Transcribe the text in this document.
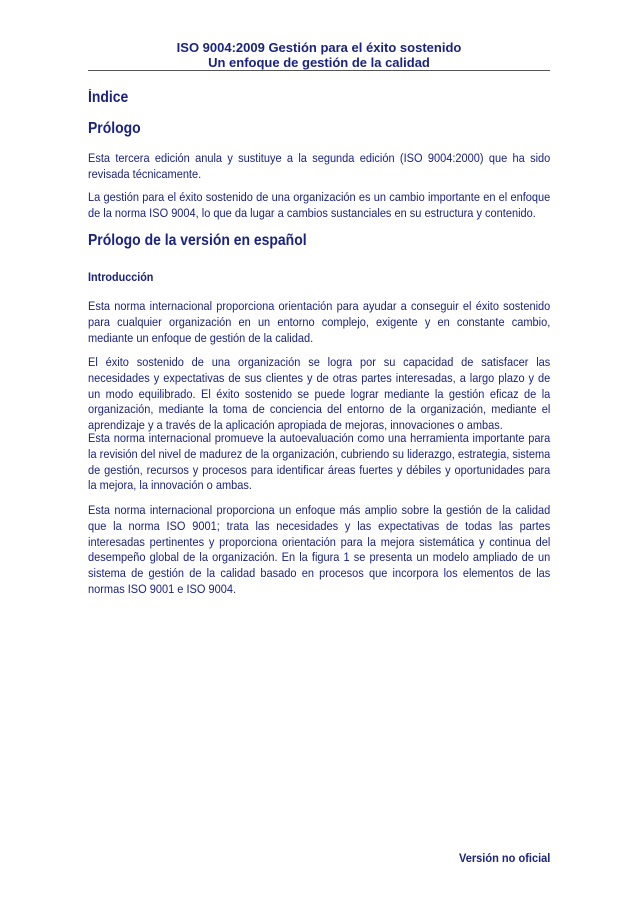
ISO 9004:2009 Gestión para el éxito sostenido
Un enfoque de gestión de la calidad
Índice
Prólogo
Esta tercera edición anula y sustituye a la segunda edición (ISO 9004:2000) que ha sido revisada técnicamente.
La gestión para el éxito sostenido de una organización es un cambio importante en el enfoque de la norma ISO 9004, lo que da lugar a cambios sustanciales en su estructura y contenido.
Prólogo de la versión en español
Introducción
Esta norma internacional proporciona orientación para ayudar a conseguir el éxito sostenido para cualquier organización en un entorno complejo, exigente y en constante cambio, mediante un enfoque de gestión de la calidad.
El éxito sostenido de una organización se logra por su capacidad de satisfacer las necesidades y expectativas de sus clientes y de otras partes interesadas, a largo plazo y de un modo equilibrado. El éxito sostenido se puede lograr mediante la gestión eficaz de la organización, mediante la toma de conciencia del entorno de la organización, mediante el aprendizaje y a través de la aplicación apropiada de mejoras, innovaciones o ambas.
Esta norma internacional promueve la autoevaluación como una herramienta importante para la revisión del nivel de madurez de la organización, cubriendo su liderazgo, estrategia, sistema de gestión, recursos y procesos para identificar áreas fuertes y débiles y oportunidades para la mejora, la innovación o ambas.
Esta norma internacional proporciona un enfoque más amplio sobre la gestión de la calidad que la norma ISO 9001; trata las necesidades y las expectativas de todas las partes interesadas pertinentes y proporciona orientación para la mejora sistemática y continua del desempeño global de la organización. En la figura 1 se presenta un modelo ampliado de un sistema de gestión de la calidad basado en procesos que incorpora los elementos de las normas ISO 9001 e ISO 9004.
Versión no oficial
